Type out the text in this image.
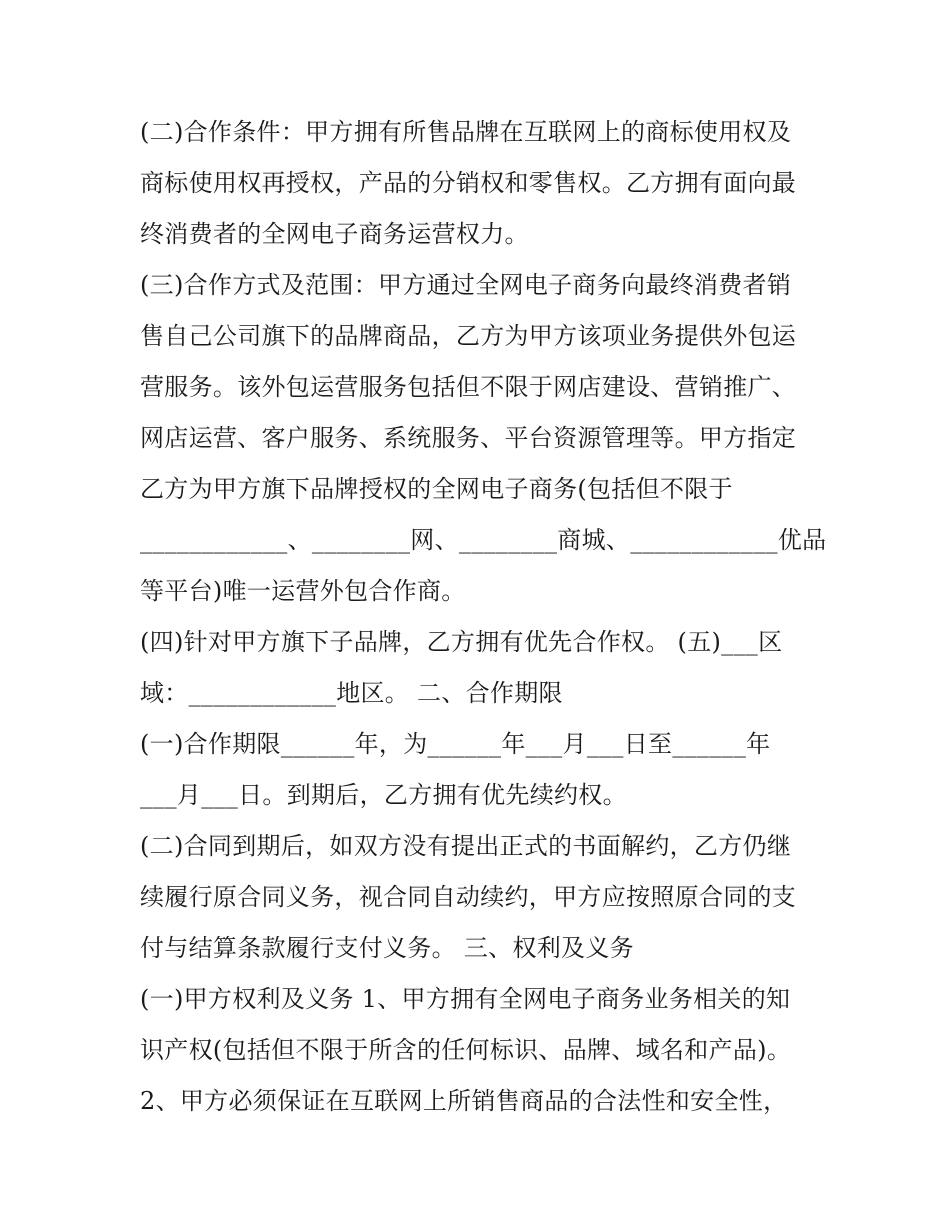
(二)合作条件：甲方拥有所售品牌在互联网上的商标使用权及
商标使用权再授权，产品的分销权和零售权。乙方拥有面向最
终消费者的全网电子商务运营权力。
(三)合作方式及范围：甲方通过全网电子商务向最终消费者销
售自己公司旗下的品牌商品，乙方为甲方该项业务提供外包运
营服务。该外包运营服务包括但不限于网店建设、营销推广、
网店运营、客户服务、系统服务、平台资源管理等。甲方指定
乙方为甲方旗下品牌授权的全网电子商务(包括但不限于
____________、________网、________商城、____________优品
等平台)唯一运营外包合作商。
(四)针对甲方旗下子品牌，乙方拥有优先合作权。 (五)___区
域：____________地区。 二、合作期限
(一)合作期限______年，为______年___月___日至______年
___月___日。到期后，乙方拥有优先续约权。
(二)合同到期后，如双方没有提出正式的书面解约，乙方仍继
续履行原合同义务，视合同自动续约，甲方应按照原合同的支
付与结算条款履行支付义务。 三、权利及义务
(一)甲方权利及义务 1、甲方拥有全网电子商务业务相关的知
识产权(包括但不限于所含的任何标识、品牌、域名和产品)。
2、甲方必须保证在互联网上所销售商品的合法性和安全性，
